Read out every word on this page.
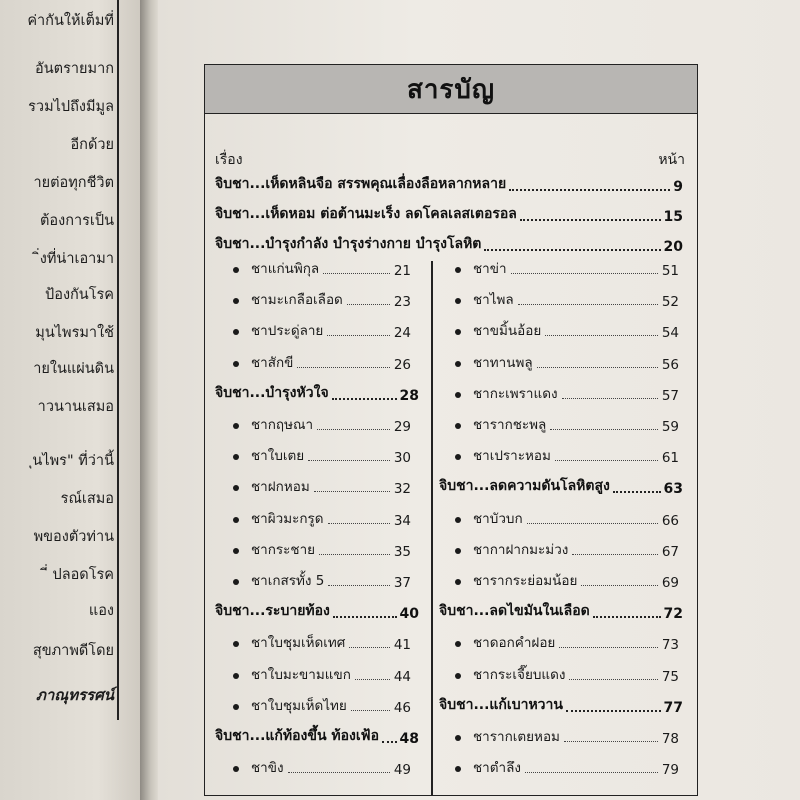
ค่ากันให้เต็มที่
อันตรายมาก
รวมไปถึงมีมูล
อีกด้วย
ายต่อทุกชีวิต
ต้องการเป็น
ิ่งที่น่าเอามา
ป้องกันโรค
มุนไพรมาใช้
ายในแผ่นดิน
าวนานเสมอ
ุนไพร" ที่ว่านี้
รณ์เสมอ
พของตัวท่าน
ี่ ปลอดโรค
แอง
สุขภาพดีโดย
ภาณุทรรศน์
สารบัญ
เรื่อง	หน้า
จิบชา...เห็ดหลินจือ สรรพคุณเลื่องลือหลากหลาย	9
จิบชา...เห็ดหอม ต่อต้านมะเร็ง ลดโคลเลสเตอรอล	15
จิบชา...บำรุงกำลัง บำรุงร่างกาย บำรุงโลหิต	20
ชาแก่นพิกุล	21
ชามะเกลือเลือด	23
ชาประดู่ลาย	24
ชาสักขี	26
จิบชา...บำรุงหัวใจ	28
ชากฤษณา	29
ชาใบเตย	30
ชาฝกหอม	32
ชาผิวมะกรูด	34
ชากระชาย	35
ชาเกสรทั้ง 5	37
จิบชา...ระบายท้อง	40
ชาใบชุมเห็ดเทศ	41
ชาใบมะขามแขก	44
ชาใบชุมเห็ดไทย	46
จิบชา...แก้ท้องขึ้น ท้องเฟ้อ 48
ชาขิง	49
ชาข่า	51
ชาไพล	52
ชาขมิ้นอ้อย	54
ชาทานพลู	56
ชากะเพราแดง	57
ชารากชะพลู	59
ชาเปราะหอม	61
จิบชา...ลดความดันโลหิตสูง	63
ชาบัวบก	66
ชากาฝากมะม่วง	67
ชารากระย่อมน้อย	69
จิบชา...ลดไขมันในเลือด	72
ชาดอกคำฝอย	73
ชากระเจี๊ยบแดง	75
จิบชา...แก้เบาหวาน	77
ชารากเตยหอม	78
ชาตำลึง	79
